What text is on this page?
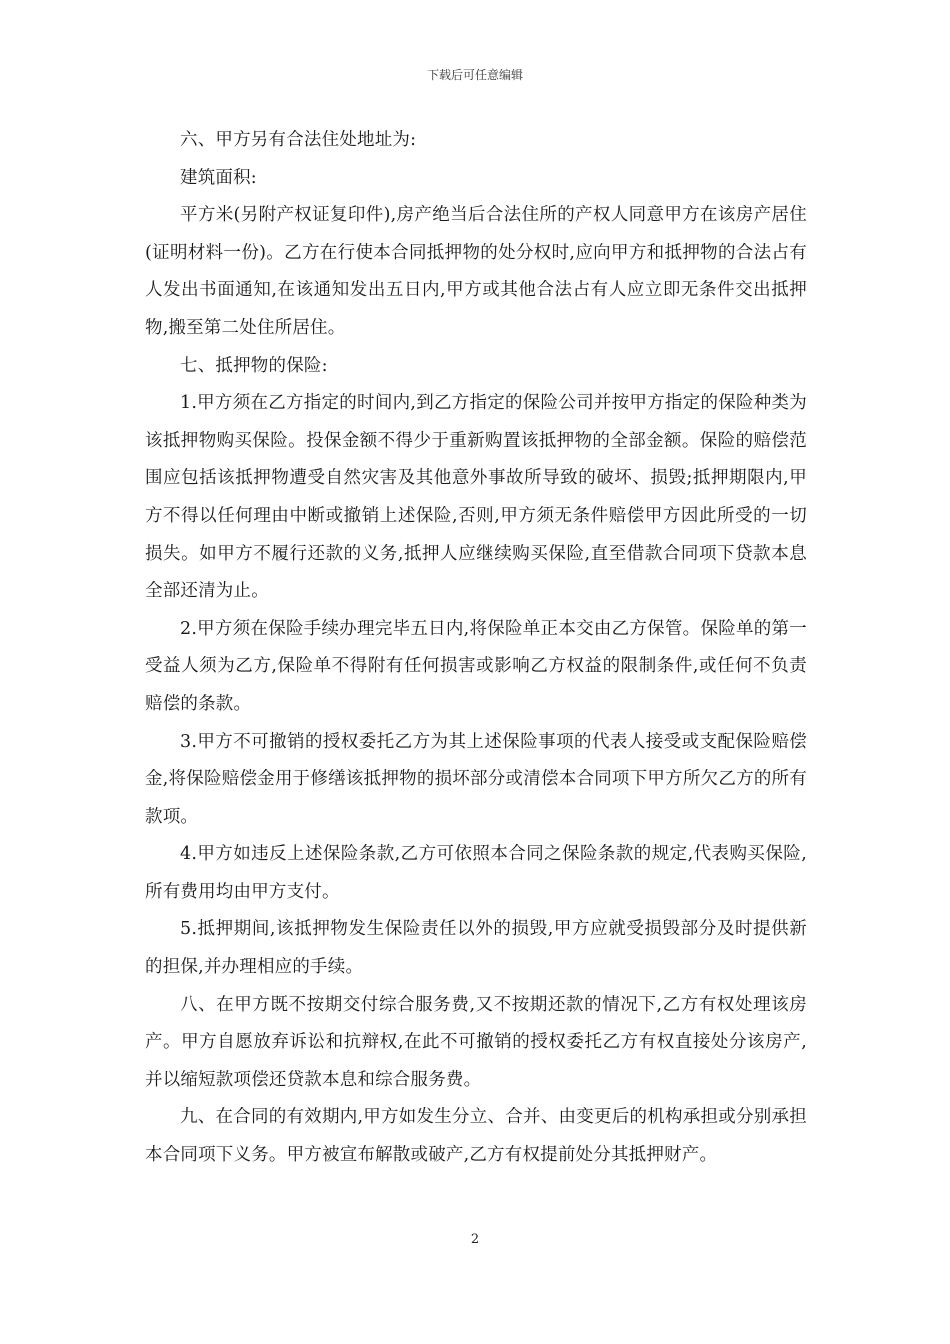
下载后可任意编辑

六、甲方另有合法住处地址为:

建筑面积:

平方米(另附产权证复印件),房产绝当后合法住所的产权人同意甲方在该房产居住(证明材料一份)。乙方在行使本合同抵押物的处分权时,应向甲方和抵押物的合法占有人发出书面通知,在该通知发出五日内,甲方或其他合法占有人应立即无条件交出抵押物,搬至第二处住所居住。

七、抵押物的保险:

1.甲方须在乙方指定的时间内,到乙方指定的保险公司并按甲方指定的保险种类为该抵押物购买保险。投保金额不得少于重新购置该抵押物的全部金额。保险的赔偿范围应包括该抵押物遭受自然灾害及其他意外事故所导致的破坏、损毁;抵押期限内,甲方不得以任何理由中断或撤销上述保险,否则,甲方须无条件赔偿甲方因此所受的一切损失。如甲方不履行还款的义务,抵押人应继续购买保险,直至借款合同项下贷款本息全部还清为止。

2.甲方须在保险手续办理完毕五日内,将保险单正本交由乙方保管。保险单的第一受益人须为乙方,保险单不得附有任何损害或影响乙方权益的限制条件,或任何不负责赔偿的条款。

3.甲方不可撤销的授权委托乙方为其上述保险事项的代表人接受或支配保险赔偿金,将保险赔偿金用于修缮该抵押物的损坏部分或清偿本合同项下甲方所欠乙方的所有款项。

4.甲方如违反上述保险条款,乙方可依照本合同之保险条款的规定,代表购买保险,所有费用均由甲方支付。

5.抵押期间,该抵押物发生保险责任以外的损毁,甲方应就受损毁部分及时提供新的担保,并办理相应的手续。

八、在甲方既不按期交付综合服务费,又不按期还款的情况下,乙方有权处理该房产。甲方自愿放弃诉讼和抗辩权,在此不可撤销的授权委托乙方有权直接处分该房产,并以缩短款项偿还贷款本息和综合服务费。

九、在合同的有效期内,甲方如发生分立、合并、由变更后的机构承担或分别承担本合同项下义务。甲方被宣布解散或破产,乙方有权提前处分其抵押财产。

2
